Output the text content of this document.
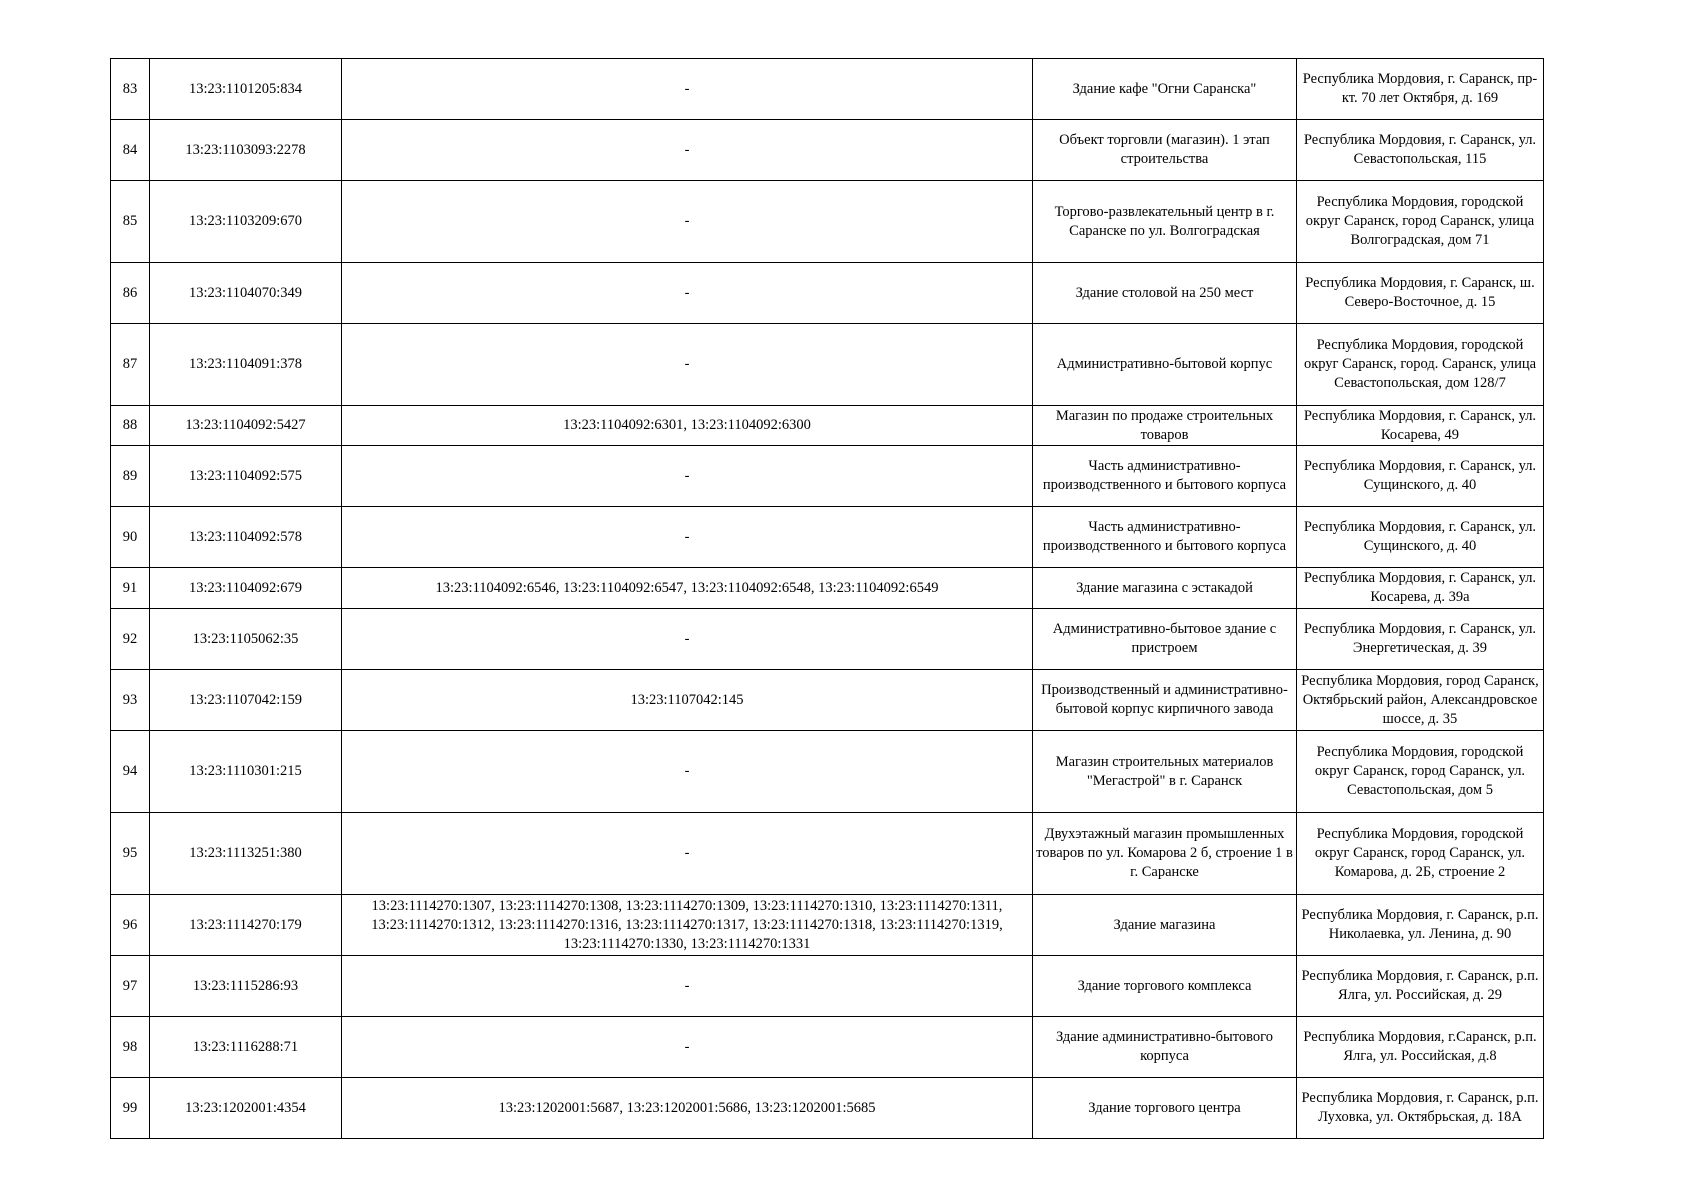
83	13:23:1101205:834	-	Здание кафе "Огни Саранска"	Республика Мордовия, г. Саранск, пр-кт. 70 лет Октября, д. 169
84	13:23:1103093:2278	-	Объект торговли (магазин). 1 этап строительства	Республика Мордовия, г. Саранск, ул. Севастопольская, 115
85	13:23:1103209:670	-	Торгово-развлекательный центр в г. Саранске по ул. Волгоградская	Республика Мордовия, городской округ Саранск, город Саранск, улица Волгоградская, дом 71
86	13:23:1104070:349	-	Здание столовой на 250 мест	Республика Мордовия, г. Саранск, ш. Северо-Восточное, д. 15
87	13:23:1104091:378	-	Административно-бытовой корпус	Республика Мордовия, городской округ Саранск, город. Саранск, улица Севастопольская, дом 128/7
88	13:23:1104092:5427	13:23:1104092:6301, 13:23:1104092:6300	Магазин по продаже строительных товаров	Республика Мордовия, г. Саранск, ул. Косарева, 49
89	13:23:1104092:575	-	Часть административно-производственного и бытового корпуса	Республика Мордовия, г. Саранск, ул. Сущинского, д. 40
90	13:23:1104092:578	-	Часть административно-производственного и бытового корпуса	Республика Мордовия, г. Саранск, ул. Сущинского, д. 40
91	13:23:1104092:679	13:23:1104092:6546, 13:23:1104092:6547, 13:23:1104092:6548, 13:23:1104092:6549	Здание магазина с эстакадой	Республика Мордовия, г. Саранск, ул. Косарева, д. 39а
92	13:23:1105062:35	-	Административно-бытовое здание с пристроем	Республика Мордовия, г. Саранск, ул. Энергетическая, д. 39
93	13:23:1107042:159	13:23:1107042:145	Производственный и административно-бытовой корпус кирпичного завода	Республика Мордовия, город Саранск, Октябрьский район, Александровское шоссе, д. 35
94	13:23:1110301:215	-	Магазин строительных материалов "Мегастрой" в г. Саранск	Республика Мордовия, городской округ Саранск, город Саранск, ул. Севастопольская, дом 5
95	13:23:1113251:380	-	Двухэтажный магазин промышленных товаров по ул. Комарова 2 б, строение 1 в г. Саранске	Республика Мордовия, городской округ Саранск, город Саранск, ул. Комарова, д. 2Б, строение 2
96	13:23:1114270:179	13:23:1114270:1307, 13:23:1114270:1308, 13:23:1114270:1309, 13:23:1114270:1310, 13:23:1114270:1311, 13:23:1114270:1312, 13:23:1114270:1316, 13:23:1114270:1317, 13:23:1114270:1318, 13:23:1114270:1319, 13:23:1114270:1330, 13:23:1114270:1331	Здание магазина	Республика Мордовия, г. Саранск, р.п. Николаевка, ул. Ленина, д. 90
97	13:23:1115286:93	-	Здание торгового комплекса	Республика Мордовия, г. Саранск, р.п. Ялга, ул. Российская, д. 29
98	13:23:1116288:71	-	Здание административно-бытового корпуса	Республика Мордовия, г.Саранск, р.п. Ялга, ул. Российская, д.8
99	13:23:1202001:4354	13:23:1202001:5687, 13:23:1202001:5686, 13:23:1202001:5685	Здание торгового центра	Республика Мордовия, г. Саранск, р.п. Луховка, ул. Октябрьская, д. 18А
